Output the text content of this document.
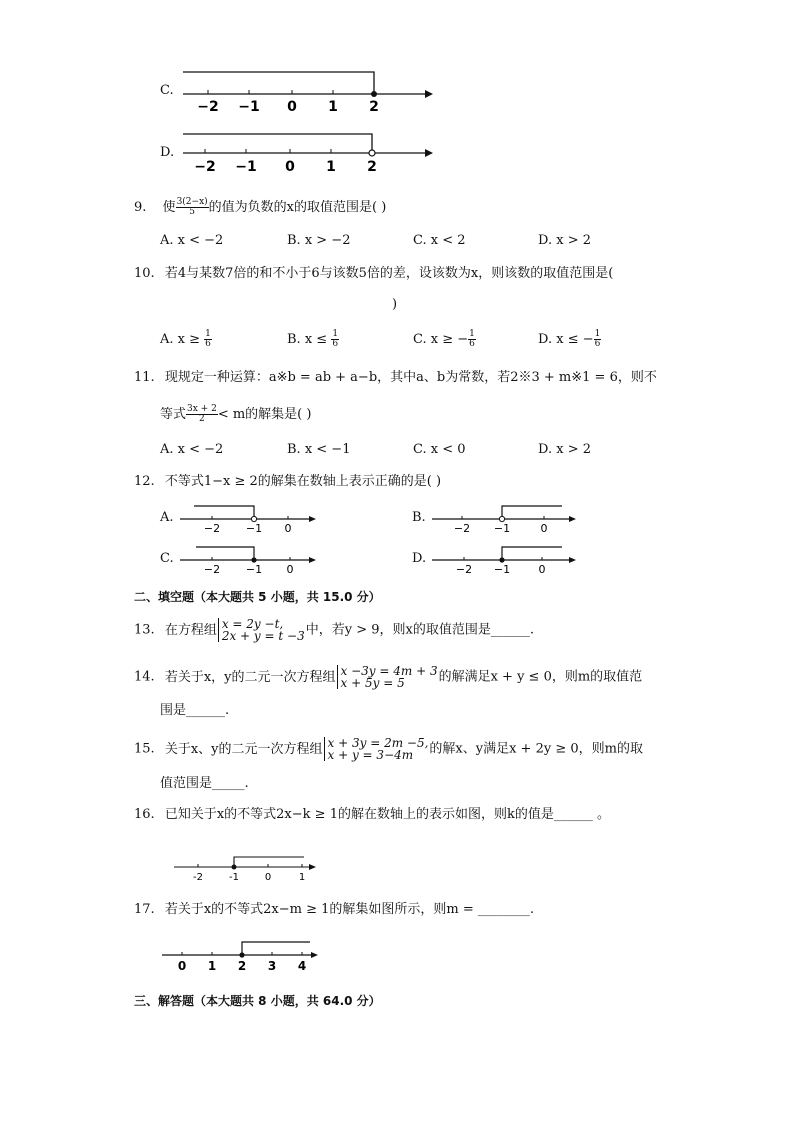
C.
−2 −1 0 1 2
D.
−2 −1 0 1 2
9. 使 $\frac{3(2-x)}{5}$ 的值为负数的x的取值范围是( )
A. x < −2	B. x > −2	C. x < 2	D. x > 2
10. 若4与某数7倍的和不小于6与该数5倍的差，设该数为x，则该数的取值范围是(
)
A. $x \ge \frac{1}{6}$	B. $x \le \frac{1}{6}$	C. x ≥ − $\frac{1}{6}$	D. x ≤ − $\frac{1}{6}$
11. 现规定一种运算：a※b = ab + a−b，其中a、b为常数，若2※3 + m※1 = 6，则不
等式 $\frac{3x + 2}{2} < m$的解集是( )
A. x < −2	B. x < −1	C. x < 0	D. x > 2
12. 不等式1−x ≥ 2的解集在数轴上表示正确的是( )
A.
−2 −1 0
B.
−2 −1	0
C.
−2 −1 0
D.
−2 −1	0
二、填空题（本大题共 5 小题，共 15.0 分）
13. 在方程组 x = 2y −t,
2x + y = t −3 中，若y > 9，则x的取值范围是______.
14. 若关于x，y的二元一次方程组 x −3y = 4m + 3
x + 5y = 5	的解满足x + y ≤ 0，则m的取值范
围是______.
15. 关于x、y的二元一次方程组 x + 3y = 2m −5,
x + y = 3−4m	的解x、y满足x + 2y ≥ 0，则m的取
值范围是_____.
16. 已知关于x的不等式2x−k ≥ 1的解在数轴上的表示如图，则k的值是______ 。
-2	-1	0	1
17. 若关于x的不等式2x−m ≥ 1的解集如图所示，则m = ________.
0 1 2 3 4
三、解答题（本大题共 8 小题，共 64.0 分）
